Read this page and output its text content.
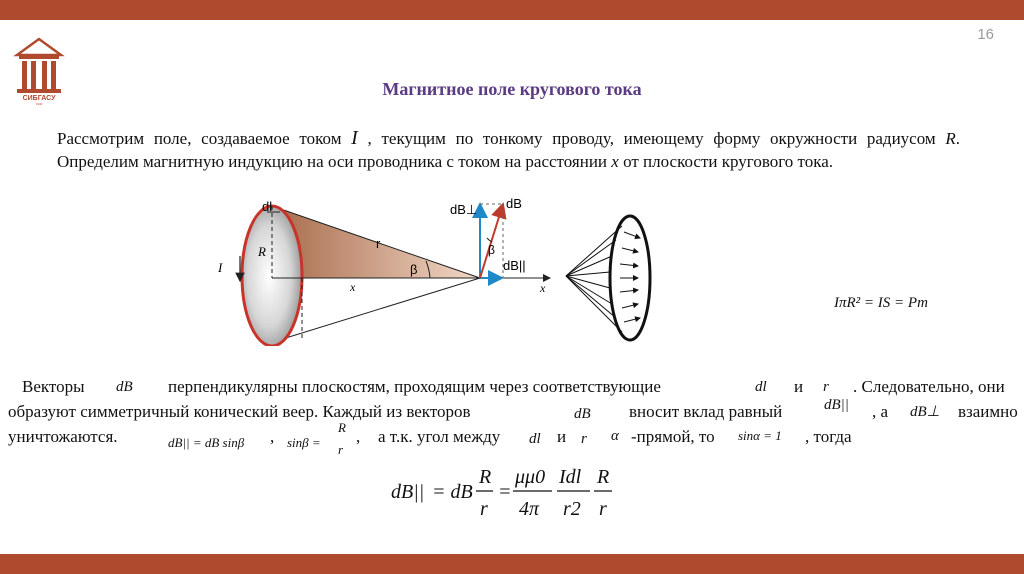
СИБГАСУ
1930
16
Магнитное поле кругового тока
Рассмотрим поле, создаваемое током I , текущим по тонкому проводу, имеющему форму окружности радиусом R. Определим магнитную индукцию на оси проводника с током на расстоянии x от плоскости кругового тока.
dl
R
r
I
x	x
β
β
dB⊥ dB
dB||
IπR² = IS = Pm
Векторы dB перпендикулярны плоскостям, проходящим через соответствующие	dl и r . Следовательно, они
образуют симметричный конический веер. Каждый из векторов	dB вносит вклад равный	dB|| , а dB⊥ взаимно
уничтожаются.	dB|| = dB sinβ , sinβ =
R
r
, а т.к. угол между dl и r α -прямой, то sinα = 1 , тогда
dB|| = dB
R
r
=
μμ0
4π
Idl
r2
R
r
